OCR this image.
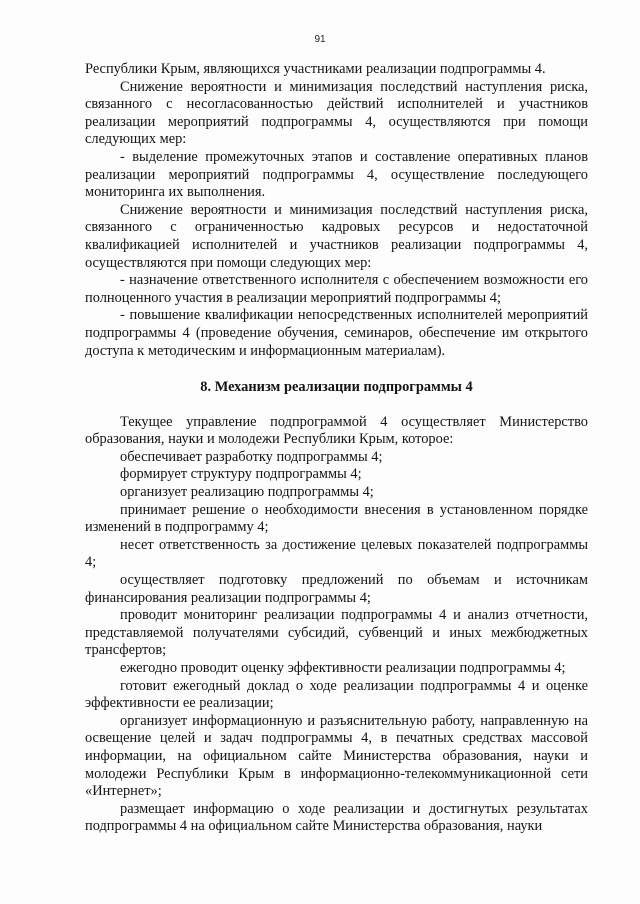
91

Республики Крым, являющихся участниками реализации подпрограммы 4.

Снижение вероятности и минимизация последствий наступления риска, связанного с несогласованностью действий исполнителей и участников реализации мероприятий подпрограммы 4, осуществляются при помощи следующих мер:

- выделение промежуточных этапов и составление оперативных планов реализации мероприятий подпрограммы 4, осуществление последующего мониторинга их выполнения.

Снижение вероятности и минимизация последствий наступления риска, связанного с ограниченностью кадровых ресурсов и недостаточной квалификацией исполнителей и участников реализации подпрограммы 4, осуществляются при помощи следующих мер:

- назначение ответственного исполнителя с обеспечением возможности его полноценного участия в реализации мероприятий подпрограммы 4;

- повышение квалификации непосредственных исполнителей мероприятий подпрограммы 4 (проведение обучения, семинаров, обеспечение им открытого доступа к методическим и информационным материалам).

8. Механизм реализации подпрограммы 4

Текущее управление подпрограммой 4 осуществляет Министерство образования, науки и молодежи Республики Крым, которое:

обеспечивает разработку подпрограммы 4;

формирует структуру подпрограммы 4;

организует реализацию подпрограммы 4;

принимает решение о необходимости внесения в установленном порядке изменений в подпрограмму 4;

несет ответственность за достижение целевых показателей подпрограммы 4;

осуществляет подготовку предложений по объемам и источникам финансирования реализации подпрограммы 4;

проводит мониторинг реализации подпрограммы 4 и анализ отчетности, представляемой получателями субсидий, субвенций и иных межбюджетных трансфертов;

ежегодно проводит оценку эффективности реализации подпрограммы 4;

готовит ежегодный доклад о ходе реализации подпрограммы 4 и оценке эффективности ее реализации;

организует информационную и разъяснительную работу, направленную на освещение целей и задач подпрограммы 4, в печатных средствах массовой информации, на официальном сайте Министерства образования, науки и молодежи Республики Крым в информационно-телекоммуникационной сети «Интернет»;

размещает информацию о ходе реализации и достигнутых результатах подпрограммы 4 на официальном сайте Министерства образования, науки
